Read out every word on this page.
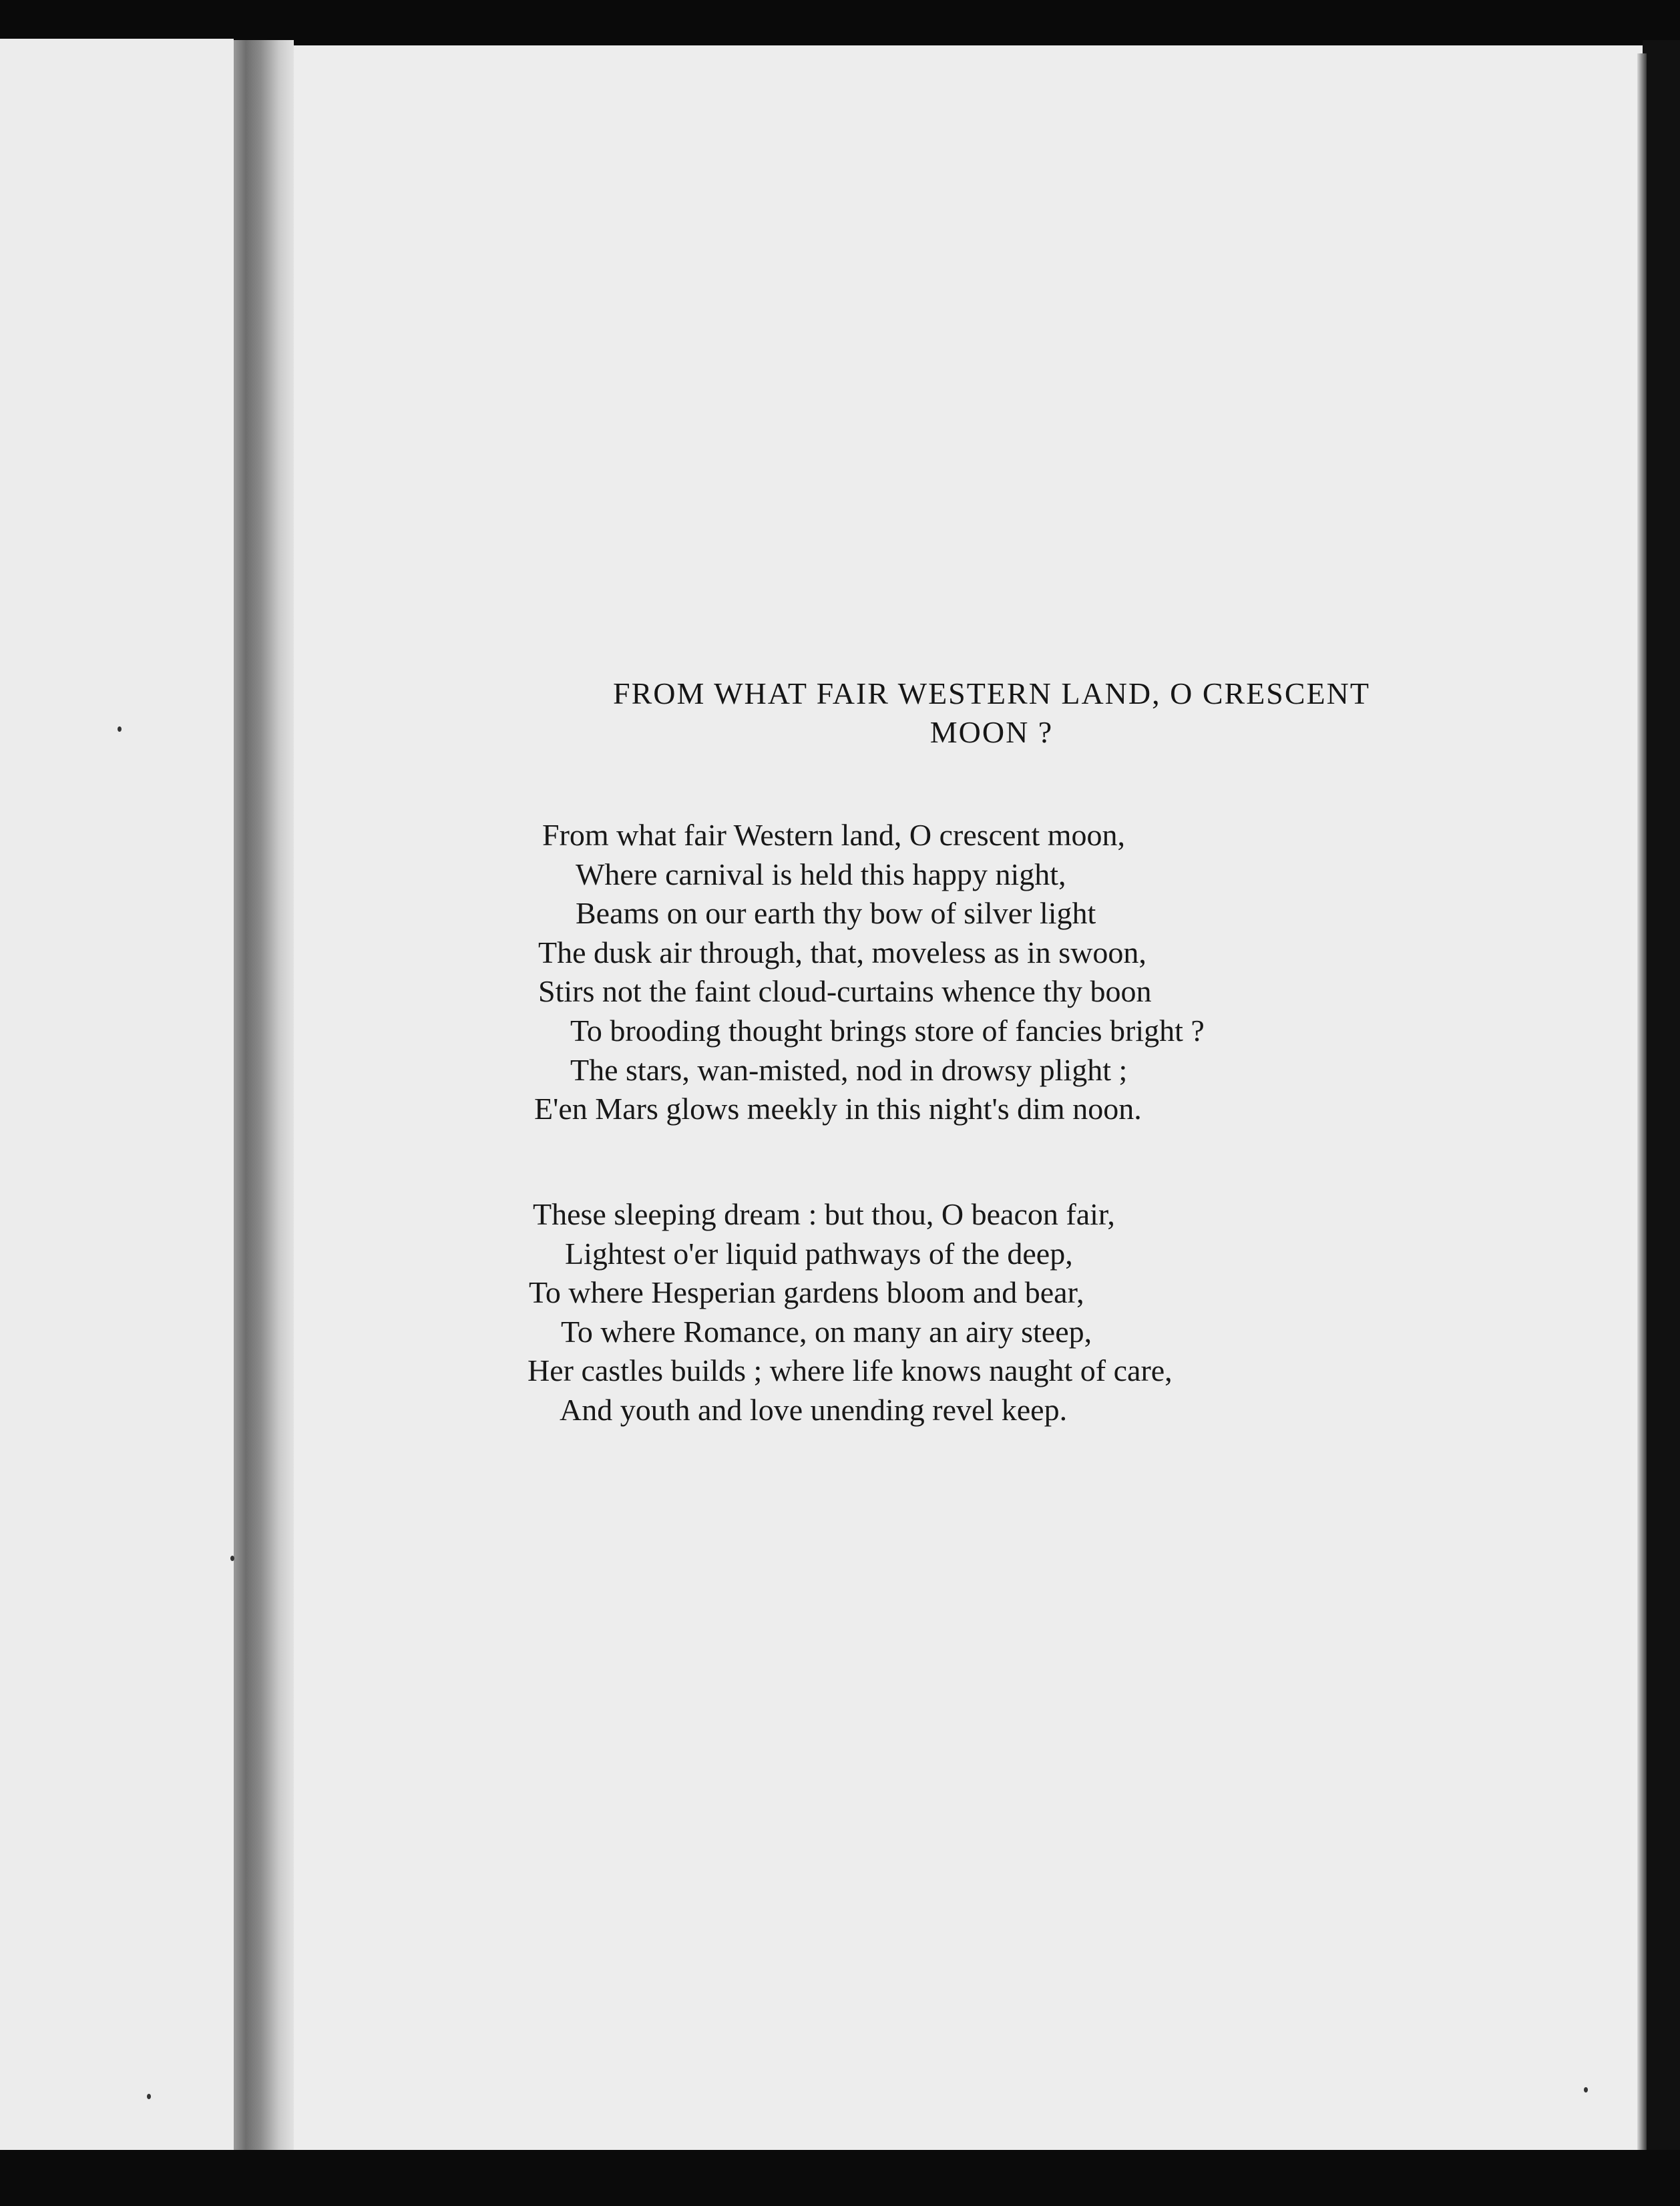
FROM WHAT FAIR WESTERN LAND, O CRESCENT
MOON ?
From what fair Western land, O crescent moon,
Where carnival is held this happy night,
Beams on our earth thy bow of silver light
The dusk air through, that, moveless as in swoon,
Stirs not the faint cloud-curtains whence thy boon
To brooding thought brings store of fancies bright ?
The stars, wan-misted, nod in drowsy plight ;
E'en Mars glows meekly in this night's dim noon.
These sleeping dream : but thou, O beacon fair,
Lightest o'er liquid pathways of the deep,
To where Hesperian gardens bloom and bear,
To where Romance, on many an airy steep,
Her castles builds ; where life knows naught of care,
And youth and love unending revel keep.
